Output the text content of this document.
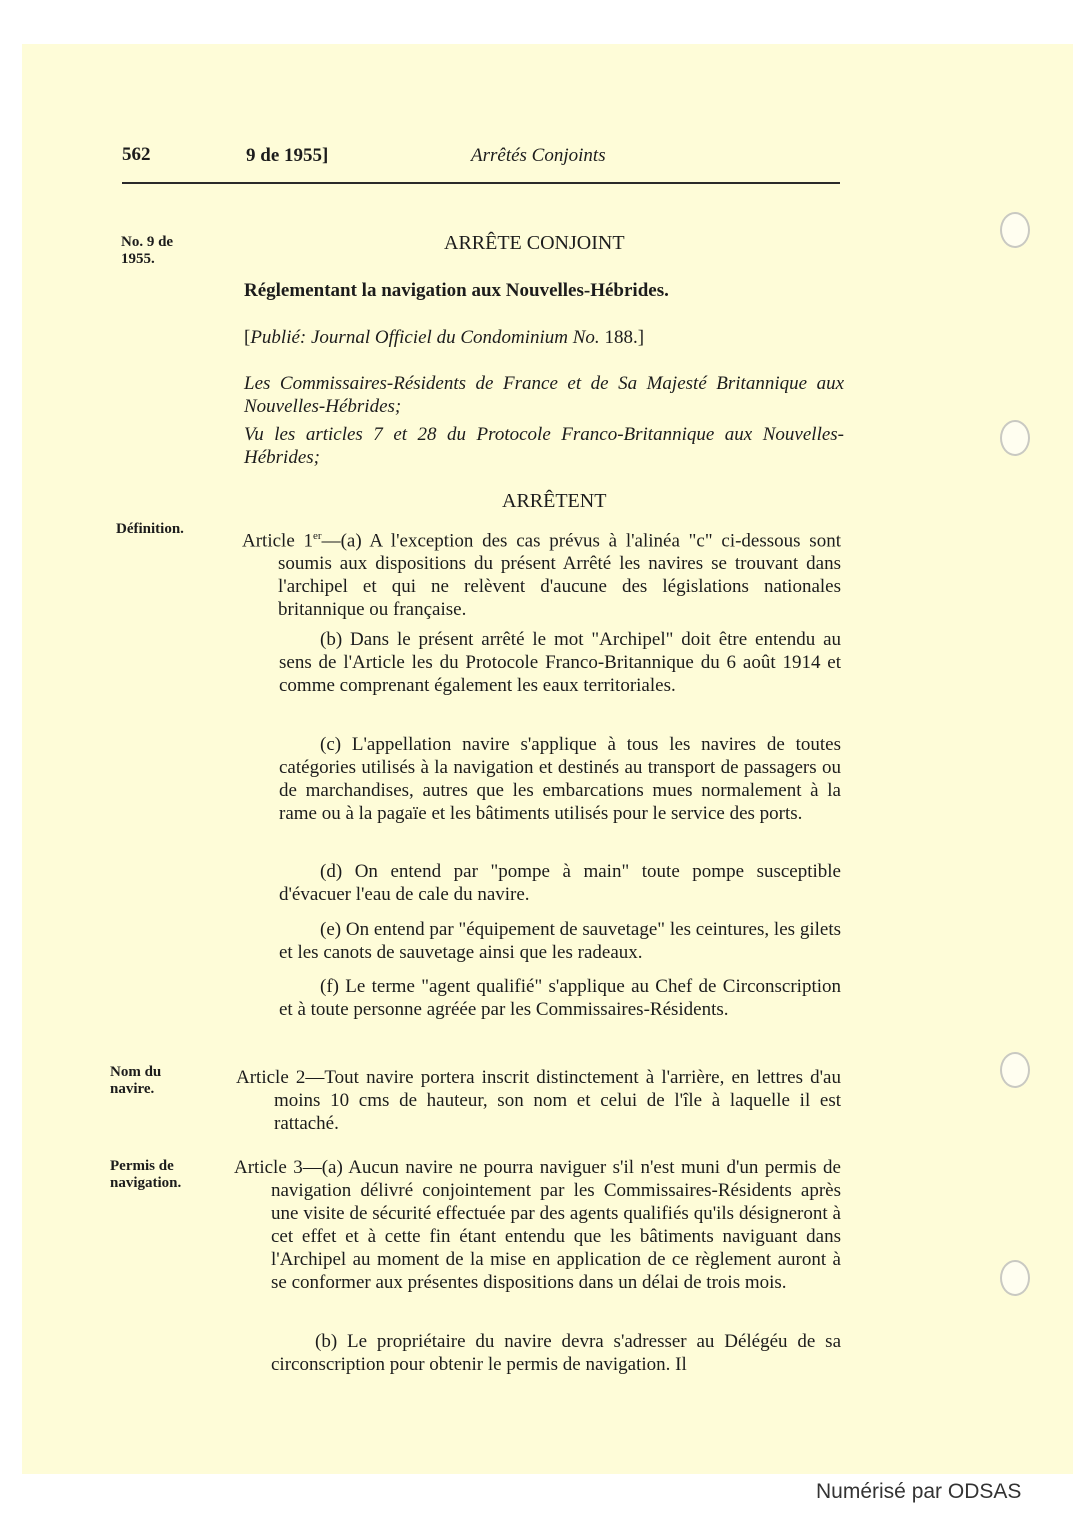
562	9 de 1955]	Arrêtés Conjoints
No. 9 de 1955.
Définition.
Nom du navire.
Permis de navigation.
ARRÊTE CONJOINT
Réglementant la navigation aux Nouvelles-Hébrides.
[Publié: Journal Officiel du Condominium No. 188.]
Les Commissaires-Résidents de France et de Sa Majesté Britannique aux Nouvelles-Hébrides;
Vu les articles 7 et 28 du Protocole Franco-Britannique aux Nouvelles-Hébrides;
ARRÊTENT
Article 1er—(a) A l'exception des cas prévus à l'alinéa "c" ci-dessous sont soumis aux dispositions du présent Arrêté les navires se trouvant dans l'archipel et qui ne relèvent d'aucune des législations nationales britannique ou française.
(b) Dans le présent arrêté le mot "Archipel" doit être entendu au sens de l'Article les du Protocole Franco-Britannique du 6 août 1914 et comme comprenant également les eaux territoriales.
(c) L'appellation navire s'applique à tous les navires de toutes catégories utilisés à la navigation et destinés au transport de passagers ou de marchandises, autres que les embarcations mues normalement à la rame ou à la pagaïe et les bâtiments utilisés pour le service des ports.
(d) On entend par "pompe à main" toute pompe susceptible d'évacuer l'eau de cale du navire.
(e) On entend par "équipement de sauvetage" les ceintures, les gilets et les canots de sauvetage ainsi que les radeaux.
(f) Le terme "agent qualifié" s'applique au Chef de Circonscription et à toute personne agréée par les Commissaires-Résidents.
Article 2—Tout navire portera inscrit distinctement à l'arrière, en lettres d'au moins 10 cms de hauteur, son nom et celui de l'île à laquelle il est rattaché.
Article 3—(a) Aucun navire ne pourra naviguer s'il n'est muni d'un permis de navigation délivré conjointement par les Commissaires-Résidents après une visite de sécurité effectuée par des agents qualifiés qu'ils désigneront à cet effet et à cette fin étant entendu que les bâtiments naviguant dans l'Archipel au moment de la mise en application de ce règlement auront à se conformer aux présentes dispositions dans un délai de trois mois.
(b) Le propriétaire du navire devra s'adresser au Délégéu de sa circonscription pour obtenir le permis de navigation. Il
Numérisé par ODSAS
